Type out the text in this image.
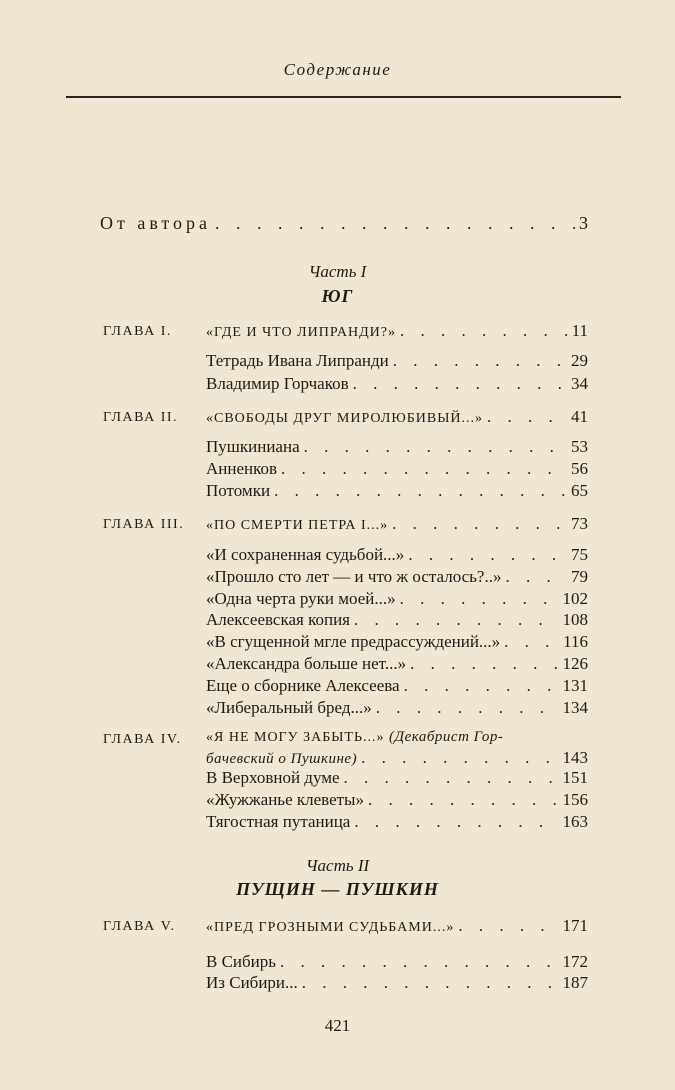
Содержание
От автора . . .	3
Часть I
ЮГ
ГЛАВА I. «ГДЕ И ЧТО ЛИПРАНДИ?» . . .	11
Тетрадь Ивана Липранди . . .	29
Владимир Горчаков . . .	34
ГЛАВА II. «СВОБОДЫ ДРУГ МИРОЛЮБИВЫЙ...» . . .	41
Пушкиниана . . .	53
Анненков . . .	56
Потомки . . .	65
ГЛАВА III. «ПО СМЕРТИ ПЕТРА I...» . . .	73
«И сохраненная судьбой...» . . .	75
«Прошло сто лет — и что ж осталось?..» . . .	79
«Одна черта руки моей...» . . .	102
Алексеевская копия . . .	108
«В сгущенной мгле предрассуждений...» . . .	116
«Александра больше нет...» . . .	126
Еще о сборнике Алексеева . . .	131
«Либеральный бред...» . . .	134
ГЛАВА IV. «Я НЕ МОГУ ЗАБЫТЬ...» (Декабрист Гор-
бачевский о Пушкине) . . .	143
В Верховной думе . . .	151
«Жужжанье клеветы» . . .	156
Тягостная путаница . . .	163
Часть II
ПУЩИН — ПУШКИН
ГЛАВА V. «ПРЕД ГРОЗНЫМИ СУДЬБАМИ...» . . .	171
В Сибирь . . .	172
Из Сибири... . . .	187
421
